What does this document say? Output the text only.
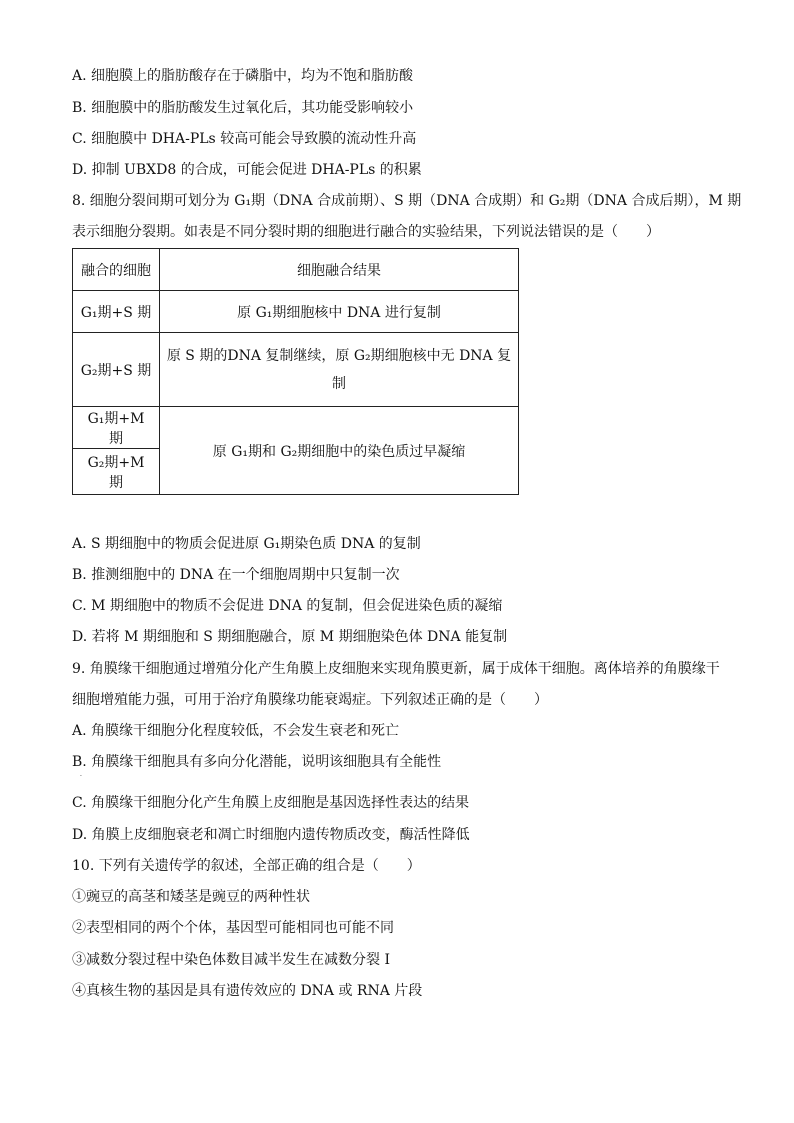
A. 细胞膜上的脂肪酸存在于磷脂中，均为不饱和脂肪酸
B. 细胞膜中的脂肪酸发生过氧化后，其功能受影响较小
C. 细胞膜中 DHA-PLs 较高可能会导致膜的流动性升高
D. 抑制 UBXD8 的合成，可能会促进 DHA-PLs 的积累
8. 细胞分裂间期可划分为 G₁期（DNA 合成前期）、S 期（DNA 合成期）和 G₂期（DNA 合成后期），M 期
表示细胞分裂期。如表是不同分裂时期的细胞进行融合的实验结果，下列说法错误的是（　　）
融合的细胞	细胞融合结果
G₁期+S 期	原 G₁期细胞核中 DNA 进行复制
G₂期+S 期	原 S 期的DNA 复制继续，原 G₂期细胞核中无 DNA 复
制

G₁期+M 期	原 G₁期和 G₂期细胞中的染色质过早凝缩
G₂期+M 期	
A. S 期细胞中的物质会促进原 G₁期染色质 DNA 的复制
B. 推测细胞中的 DNA 在一个细胞周期中只复制一次
C. M 期细胞中的物质不会促进 DNA 的复制，但会促进染色质的凝缩
D. 若将 M 期细胞和 S 期细胞融合，原 M 期细胞染色体 DNA 能复制
9. 角膜缘干细胞通过增殖分化产生角膜上皮细胞来实现角膜更新，属于成体干细胞。离体培养的角膜缘干
细胞增殖能力强，可用于治疗角膜缘功能衰竭症。下列叙述正确的是（　　）
A. 角膜缘干细胞分化程度较低，不会发生衰老和死亡
B. 角膜缘干细胞具有多向分化潜能，说明该细胞具有全能性
·
C. 角膜缘干细胞分化产生角膜上皮细胞是基因选择性表达的结果
D. 角膜上皮细胞衰老和凋亡时细胞内遗传物质改变，酶活性降低
10. 下列有关遗传学的叙述，全部正确的组合是（　　）
①豌豆的高茎和矮茎是豌豆的两种性状
②表型相同的两个个体，基因型可能相同也可能不同
③减数分裂过程中染色体数目减半发生在减数分裂 I
④真核生物的基因是具有遗传效应的 DNA 或 RNA 片段
